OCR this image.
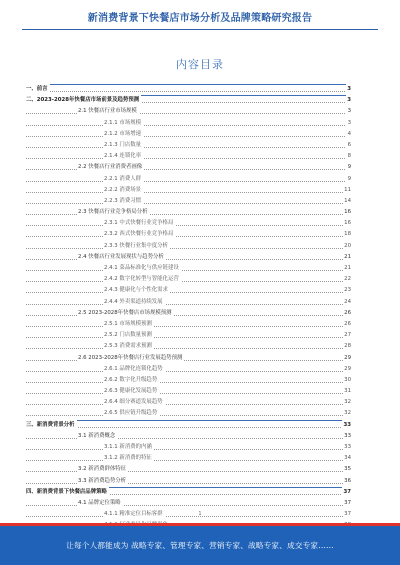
新消费背景下快餐店市场分析及品牌策略研究报告
内容目录
一、前言	3
二、2023-2028年快餐店市场前景及趋势预测	3
2.1 快餐店行业市场规模	3
2.1.1 市场规模	3
2.1.2 市场增速	4
2.1.3 门店数量	6
2.1.4 连锁化率	8
2.2 快餐店行业消费者画像	9
2.2.1 消费人群	9
2.2.2 消费场景	11
2.2.3 消费习惯	14
2.3 快餐店行业竞争格局分析	16
2.3.1 中式快餐行业竞争格局	16
2.3.2 西式快餐行业竞争格局	18
2.3.3 快餐行业集中度分析	20
2.4 快餐店行业发展现状与趋势分析	21
2.4.1 菜品标准化与供应链建设	21
2.4.2 数字化转型与智能化运营	22
2.4.3 健康化与个性化需求	23
2.4.4 外卖渠道持续发展	24
2.5 2023-2028年快餐店市场规模预测	26
2.5.1 市场规模预测	26
2.5.2 门店数量预测	27
2.5.3 消费需求预测	28
2.6 2023-2028年快餐店行业发展趋势预测	29
2.6.1 品牌化连锁化趋势	29
2.6.2 数字化升级趋势	30
2.6.3 健康化发展趋势	31
2.6.4 细分赛道发展趋势	32
2.6.5 供应链升级趋势	32
三、新消费背景分析	33
3.1 新消费概念	33
3.1.1 新消费的内涵	33
3.1.2 新消费的特征	34
3.2 新消费群体特征	35
3.3 新消费趋势分析	36
四、新消费背景下快餐店品牌策略	37
4.1 品牌定位策略	37
4.1.1 精准定位目标客群	37
1
让每个人都能成为 战略专家、管理专家、营销专家、战略专家、成交专家……
